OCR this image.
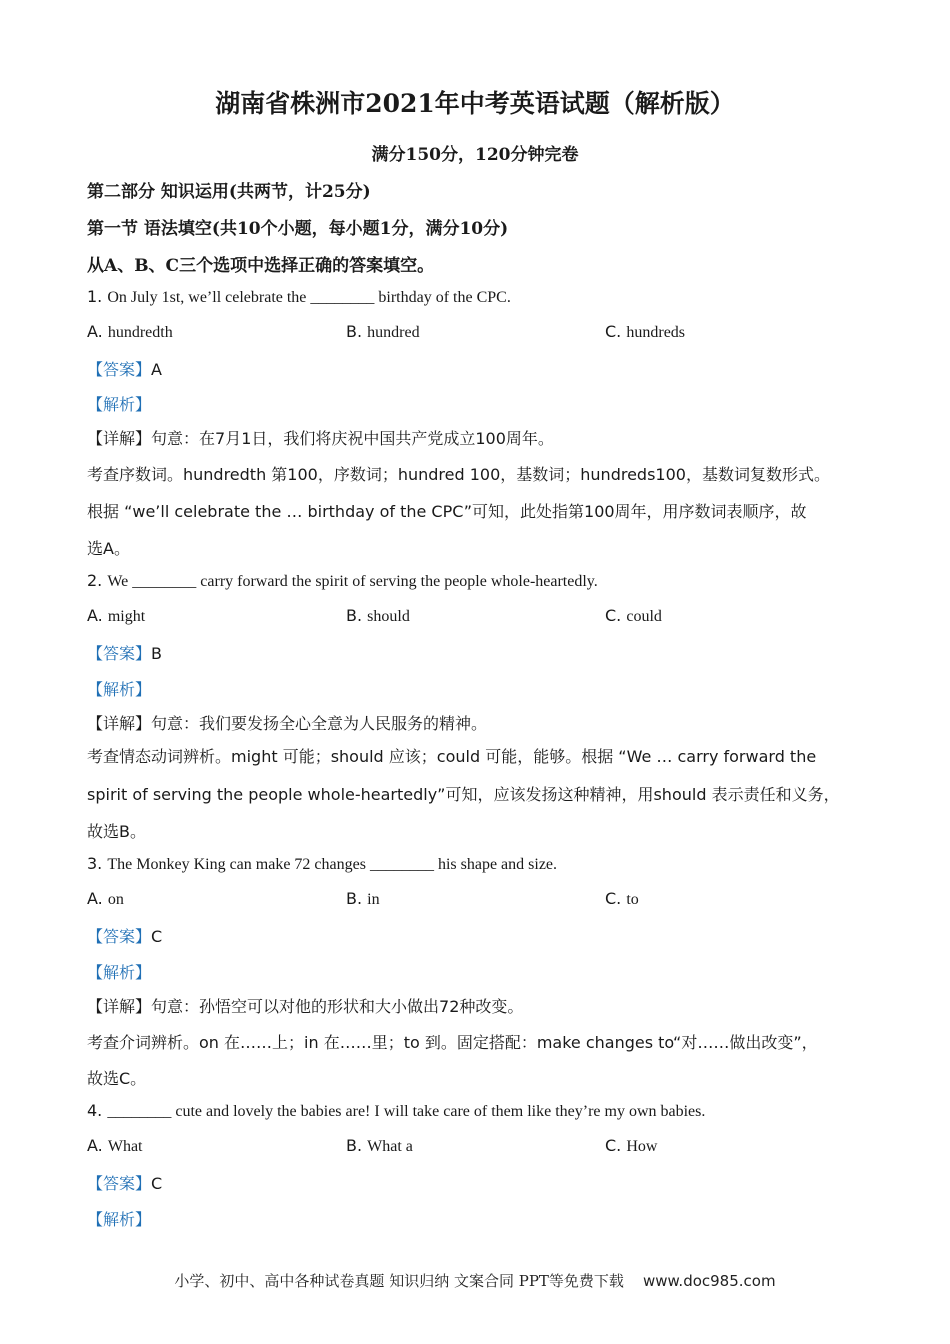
湖南省株洲市2021年中考英语试题（解析版）
满分150分，120分钟完卷
第二部分 知识运用(共两节，计25分)
第一节 语法填空(共10个小题，每小题1分，满分10分)
从A、B、C三个选项中选择正确的答案填空。
1. On July 1st, we’ll celebrate the ________ birthday of the CPC.
A. hundredth	B. hundred	C. hundreds
【答案】A
【解析】
【详解】句意：在7月1日，我们将庆祝中国共产党成立100周年。
考查序数词。hundredth 第100，序数词；hundred 100，基数词；hundreds100，基数词复数形式。
根据 “we’ll celebrate the … birthday of the CPC”可知，此处指第100周年，用序数词表顺序，故
选A。
2. We ________ carry forward the spirit of serving the people whole-heartedly.
A. might	B. should	C. could
【答案】B
【解析】
【详解】句意：我们要发扬全心全意为人民服务的精神。
考查情态动词辨析。might 可能；should 应该；could 可能，能够。根据 “We … carry forward the
spirit of serving the people whole-heartedly”可知，应该发扬这种精神，用should 表示责任和义务，
故选B。
3. The Monkey King can make 72 changes ________ his shape and size.
A. on	B. in	C. to
【答案】C
【解析】
【详解】句意：孙悟空可以对他的形状和大小做出72种改变。
考查介词辨析。on 在……上；in 在……里；to 到。固定搭配：make changes to“对……做出改变”，
故选C。
4. ________ cute and lovely the babies are! I will take care of them like they’re my own babies.
A. What	B. What a	C. How
【答案】C
【解析】
小学、初中、高中各种试卷真题 知识归纳 文案合同 PPT等免费下载 www.doc985.com
